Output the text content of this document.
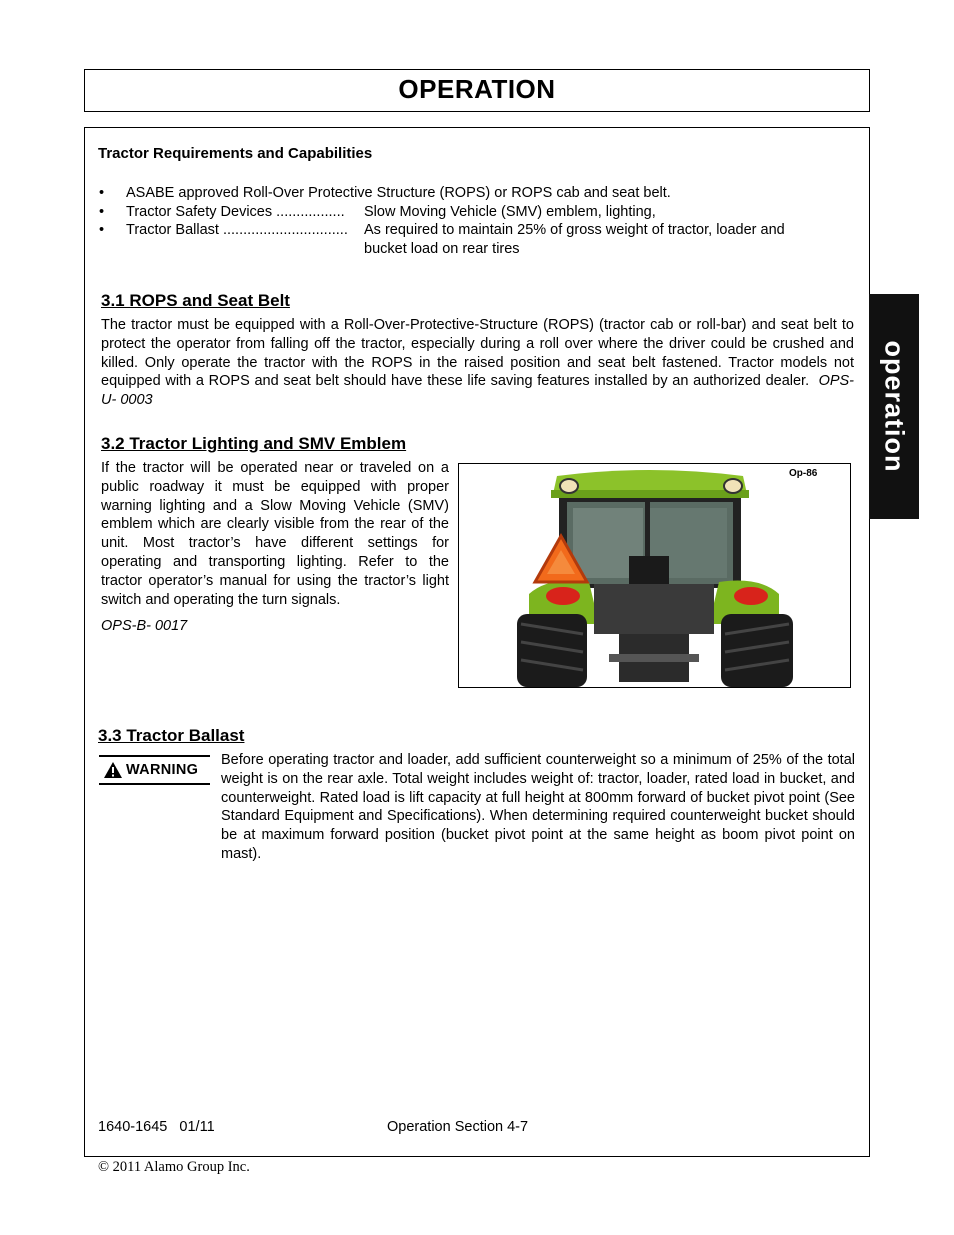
OPERATION
operation
Tractor Requirements and Capabilities
• ASABE approved Roll-Over Protective Structure (ROPS) or ROPS cab and seat belt.
• Tractor Safety Devices ................. Slow Moving Vehicle (SMV) emblem, lighting,
• Tractor Ballast ............................... As required to maintain 25% of gross weight of tractor, loader and
bucket load on rear tires
3.1 ROPS and Seat Belt
The tractor must be equipped with a Roll-Over-Protective-Structure (ROPS) (tractor cab or roll-bar) and seat belt to protect the operator from falling off the tractor, especially during a roll over where the driver could be crushed and killed. Only operate the tractor with the ROPS in the raised position and seat belt fastened. Tractor models not equipped with a ROPS and seat belt should have these life saving features installed by an authorized dealer. OPS-U- 0003
3.2 Tractor Lighting and SMV Emblem
If the tractor will be operated near or traveled on a public roadway it must be equipped with proper warning lighting and a Slow Moving Vehicle (SMV) emblem which are clearly visible from the rear of the unit. Most tractor’s have different settings for operating and transporting lighting. Refer to the tractor operator’s manual for using the tractor’s light switch and operating the turn signals.
OPS-B- 0017
Op-86
3.3 Tractor Ballast
WARNING
Before operating tractor and loader, add sufficient counterweight so a minimum of 25% of the total weight is on the rear axle. Total weight includes weight of: tractor, loader, rated load in bucket, and counterweight. Rated load is lift capacity at full height at 800mm forward of bucket pivot point (See Standard Equipment and Specifications). When determining required counterweight bucket should be at maximum forward position (bucket pivot point at the same height as boom pivot point on mast).
1640-1645   01/11	Operation Section 4-7
© 2011 Alamo Group Inc.
